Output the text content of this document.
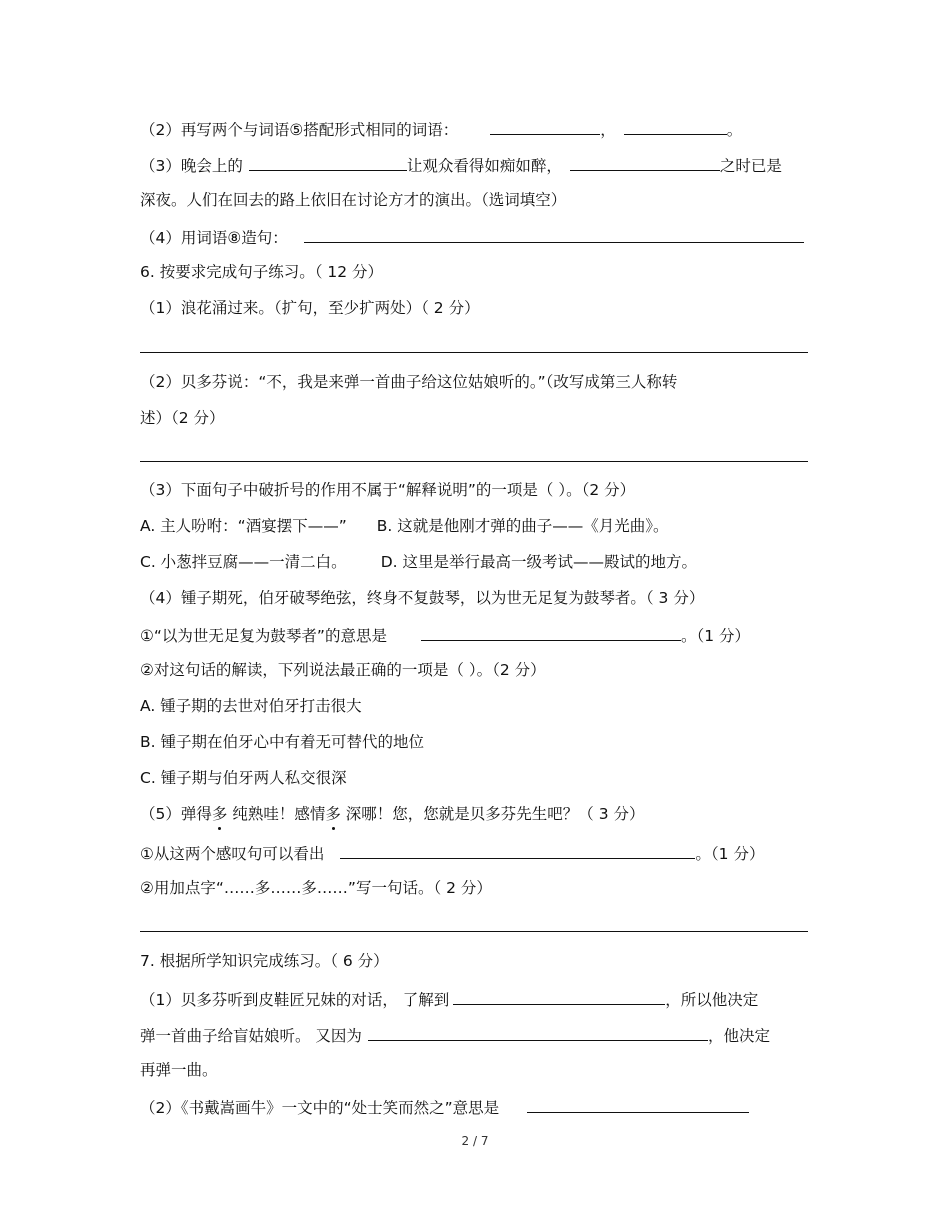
（2）再写两个与词语⑤搭配形式相同的词语：	，	。
（3）晚会上的	让观众看得如痴如醉，	之时已是
深夜。人们在回去的路上依旧在讨论方才的演出。（选词填空）
（4）用词语⑧造句：
6. 按要求完成句子练习。（ 12 分）
（1）浪花涌过来。（扩句，至少扩两处）（ 2 分）
（2）贝多芬说：“不，我是来弹一首曲子给这位姑娘听的。”（改写成第三人称转
述）（2 分）
（3）下面句子中破折号的作用不属于“解释说明”的一项是（ ）。（2 分）
A. 主人吩咐：“酒宴摆下——” B. 这就是他刚才弹的曲子——《月光曲》。
C. 小葱拌豆腐——一清二白。 D. 这里是举行最高一级考试——殿试的地方。
（4）锺子期死，伯牙破琴绝弦，终身不复鼓琴，以为世无足复为鼓琴者。（ 3 分）
①“以为世无足复为鼓琴者”的意思是	。（1 分）
②对这句话的解读，下列说法最正确的一项是（ ）。（2 分）
A. 锺子期的去世对伯牙打击很大
B. 锺子期在伯牙心中有着无可替代的地位
C. 锺子期与伯牙两人私交很深
（5）弹得多 纯熟哇！感情多 深哪！您，您就是贝多芬先生吧？（ 3 分）
①从这两个感叹句可以看出	。（1 分）
②用加点字“……多……多……”写一句话。（ 2 分）
7. 根据所学知识完成练习。（ 6 分）
（1）贝多芬听到皮鞋匠兄妹的对话， 了解到	，所以他决定
弹一首曲子给盲姑娘听。 又因为	，他决定
再弹一曲。
（2）《书戴嵩画牛》一文中的“处士笑而然之”意思是
2 / 7
